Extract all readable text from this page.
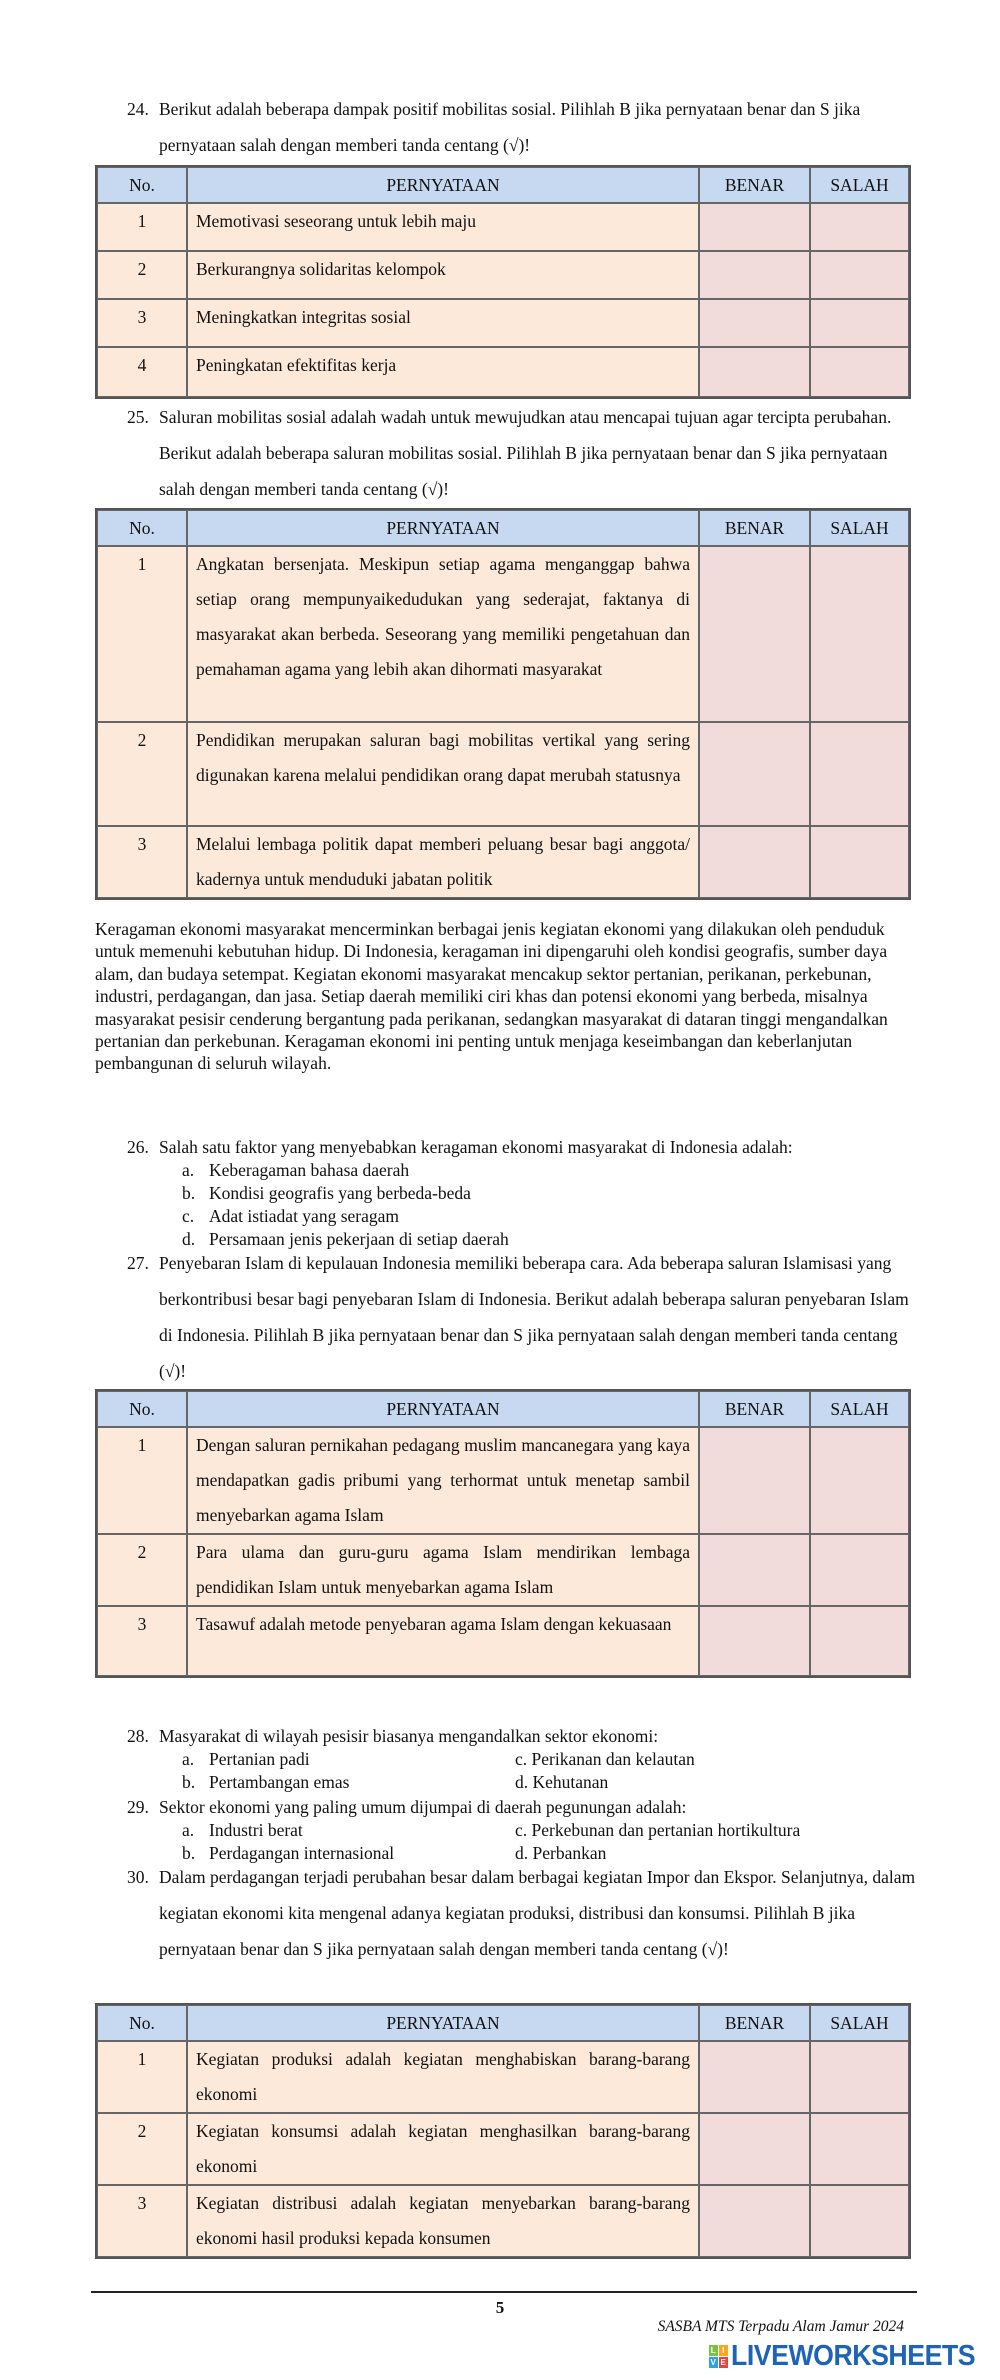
24. Berikut adalah beberapa dampak positif mobilitas sosial. Pilihlah B jika pernyataan benar dan S jika pernyataan salah dengan memberi tanda centang (√)!
No.	PERNYATAAN	BENAR	SALAH
1	Memotivasi seseorang untuk lebih maju		
2	Berkurangnya solidaritas kelompok		
3	Meningkatkan integritas sosial		
4	Peningkatan efektifitas kerja		
25. Saluran mobilitas sosial adalah wadah untuk mewujudkan atau mencapai tujuan agar tercipta perubahan. Berikut adalah beberapa saluran mobilitas sosial. Pilihlah B jika pernyataan benar dan S jika pernyataan salah dengan memberi tanda centang (√)!
No.	PERNYATAAN	BENAR	SALAH
1	Angkatan bersenjata. Meskipun setiap agama menganggap bahwa setiap orang mempunyaikedudukan yang sederajat, faktanya di masyarakat akan berbeda. Seseorang yang memiliki pengetahuan dan pemahaman agama yang lebih akan dihormati masyarakat		
2	Pendidikan merupakan saluran bagi mobilitas vertikal yang sering digunakan karena melalui pendidikan orang dapat merubah statusnya		
3	Melalui lembaga politik dapat memberi peluang besar bagi anggota/ kadernya untuk menduduki jabatan politik		
Keragaman ekonomi masyarakat mencerminkan berbagai jenis kegiatan ekonomi yang dilakukan oleh penduduk untuk memenuhi kebutuhan hidup. Di Indonesia, keragaman ini dipengaruhi oleh kondisi geografis, sumber daya alam, dan budaya setempat. Kegiatan ekonomi masyarakat mencakup sektor pertanian, perikanan, perkebunan, industri, perdagangan, dan jasa. Setiap daerah memiliki ciri khas dan potensi ekonomi yang berbeda, misalnya masyarakat pesisir cenderung bergantung pada perikanan, sedangkan masyarakat di dataran tinggi mengandalkan pertanian dan perkebunan. Keragaman ekonomi ini penting untuk menjaga keseimbangan dan keberlanjutan pembangunan di seluruh wilayah.
26. Salah satu faktor yang menyebabkan keragaman ekonomi masyarakat di Indonesia adalah:
a. Keberagaman bahasa daerah
b. Kondisi geografis yang berbeda-beda
c. Adat istiadat yang seragam
d. Persamaan jenis pekerjaan di setiap daerah
27. Penyebaran Islam di kepulauan Indonesia memiliki beberapa cara. Ada beberapa saluran Islamisasi yang berkontribusi besar bagi penyebaran Islam di Indonesia. Berikut adalah beberapa saluran penyebaran Islam di Indonesia. Pilihlah B jika pernyataan benar dan S jika pernyataan salah dengan memberi tanda centang (√)!
No.	PERNYATAAN	BENAR	SALAH
1	Dengan saluran pernikahan pedagang muslim mancanegara yang kaya mendapatkan gadis pribumi yang terhormat untuk menetap sambil menyebarkan agama Islam		
2	Para ulama dan guru-guru agama Islam mendirikan lembaga pendidikan Islam untuk menyebarkan agama Islam		
3	Tasawuf adalah metode penyebaran agama Islam dengan kekuasaan		
28. Masyarakat di wilayah pesisir biasanya mengandalkan sektor ekonomi:
a. Pertanian padi	c. Perikanan dan kelautan
b. Pertambangan emas	d. Kehutanan
29. Sektor ekonomi yang paling umum dijumpai di daerah pegunungan adalah:
a. Industri berat	c. Perkebunan dan pertanian hortikultura
b. Perdagangan internasional	d. Perbankan
30. Dalam perdagangan terjadi perubahan besar dalam berbagai kegiatan Impor dan Ekspor. Selanjutnya, dalam kegiatan ekonomi kita mengenal adanya kegiatan produksi, distribusi dan konsumsi. Pilihlah B jika pernyataan benar dan S jika pernyataan salah dengan memberi tanda centang (√)!
No.	PERNYATAAN	BENAR	SALAH
1	Kegiatan produksi adalah kegiatan menghabiskan barang-barang ekonomi		
2	Kegiatan konsumsi adalah kegiatan menghasilkan barang-barang ekonomi		
3	Kegiatan distribusi adalah kegiatan menyebarkan barang-barang ekonomi hasil produksi kepada konsumen		
5
SASBA MTS Terpadu Alam Jamur 2024
L I
V E LIVEWORKSHEETS
